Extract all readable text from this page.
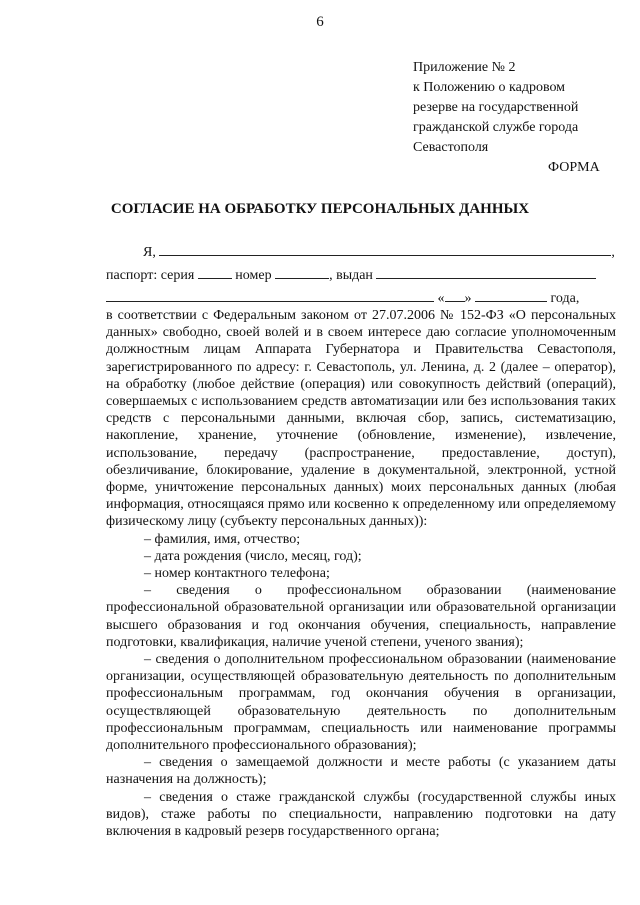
6
Приложение № 2
к Положению о кадровом
резерве на государственной
гражданской службе города
Севастополя
ФОРМА
СОГЛАСИЕ НА ОБРАБОТКУ ПЕРСОНАЛЬНЫХ ДАННЫХ
Я,	,
паспорт: серия	номер	, выдан
« »	года,

в соответствии с Федеральным законом от 27.07.2006 № 152-ФЗ «О персональных данных» свободно, своей волей и в своем интересе даю согласие уполномоченным должностным лицам Аппарата Губернатора и Правительства Севастополя, зарегистрированного по адресу: г. Севастополь, ул. Ленина, д. 2 (далее – оператор), на обработку (любое действие (операция) или совокупность действий (операций), совершаемых с использованием средств автоматизации или без использования таких средств с персональными данными, включая сбор, запись, систематизацию, накопление, хранение, уточнение (обновление, изменение), извлечение, использование, передачу (распространение, предоставление, доступ), обезличивание, блокирование, удаление в документальной, электронной, устной форме, уничтожение персональных данных) моих персональных данных (любая информация, относящаяся прямо или косвенно к определенному или определяемому физическому лицу (субъекту персональных данных)):

– фамилия, имя, отчество;

– дата рождения (число, месяц, год);

– номер контактного телефона;

– сведения о профессиональном образовании (наименование профессиональной образовательной организации или образовательной организации высшего образования и год окончания обучения, специальность, направление подготовки, квалификация, наличие ученой степени, ученого звания);

– сведения о дополнительном профессиональном образовании (наименование организации, осуществляющей образовательную деятельность по дополнительным профессиональным программам, год окончания обучения в организации, осуществляющей образовательную деятельность по дополнительным профессиональным программам, специальность или наименование программы дополнительного профессионального образования);

– сведения о замещаемой должности и месте работы (с указанием даты назначения на должность);

– сведения о стаже гражданской службы (государственной службы иных видов), стаже работы по специальности, направлению подготовки на дату включения в кадровый резерв государственного органа;
